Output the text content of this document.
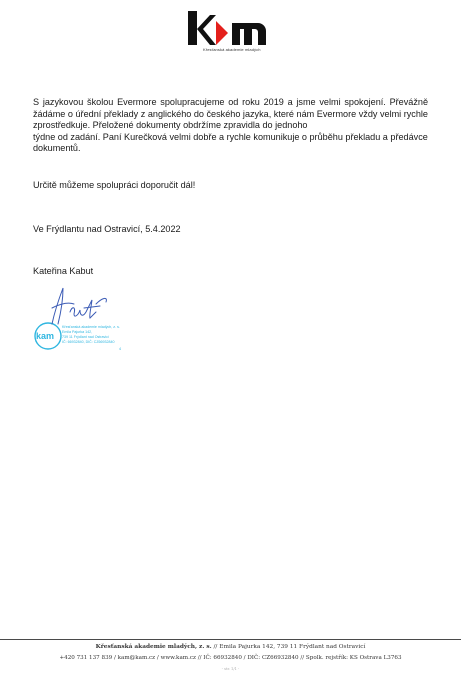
Křesťanská akademie mladých
S jazykovou školou Evermore spolupracujeme od roku 2019 a jsme velmi spokojení. Převážně žádáme o úřední překlady z anglického do českého jazyka, které nám Evermore vždy velmi rychle zprostředkuje. Přeložené dokumenty obdržíme zpravidla do jednoho
týdne od zadání. Paní Kurečková velmi dobře a rychle komunikuje o průběhu překladu a předávce dokumentů.
Určitě můžeme spolupráci doporučit dál!
Ve Frýdlantu nad Ostravicí, 5.4.2022
Kateřina Kabut
kam
Křesťanská akademie mladých, z. s.
Emila Pajurka 142,
739 11 Frýdlant nad Ostravicí
IČ: 66932840, DIČ: CZ66932840
4
Křesťanská akademie mladých, z. s. // Emila Pajurka 142, 739 11 Frýdlant nad Ostravicí
+420 731 137 839 / kam@kam.cz / www.kam.cz // IČ: 66932840 / DIČ: CZ66932840 // Spolk. rejstřík: KS Ostrava L3763
- str. 1/1 -
